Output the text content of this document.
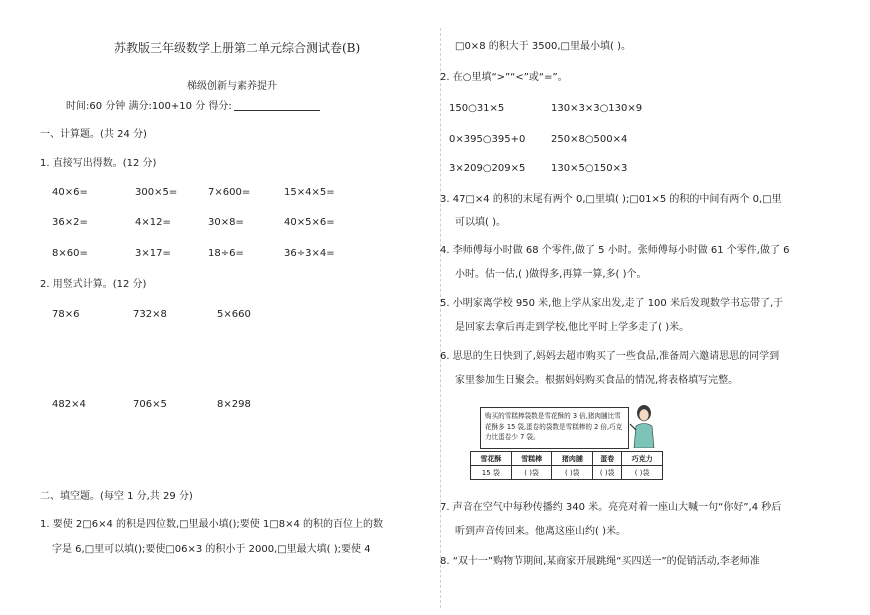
苏教版三年级数学上册第二单元综合测试卷(B)
梯级创新与素养提升
时间:60 分钟 满分:100+10 分 得分:
一、计算题。(共 24 分)
1. 直接写出得数。(12 分)
40×6=	300×5=	7×600=	15×4×5=
36×2=	4×12=	30×8=	40×5×6=
8×60=	3×17=	18÷6=	36÷3×4=
2. 用竖式计算。(12 分)
78×6	732×8	5×660
482×4	706×5	8×298
二、填空题。(每空 1 分,共 29 分)
1. 要使 2□6×4 的积是四位数,□里最小填();要使 1□8×4 的积的百位上的数
字是 6,□里可以填();要使□06×3 的积小于 2000,□里最大填( );要使 4
□0×8 的积大于 3500,□里最小填( )。
2. 在○里填“>”“<”或“=”。
150○31×5	130×3×3○130×9
0×395○395+0	250×8○500×4
3×209○209×5	130×5○150×3
3. 47□×4 的积的末尾有两个 0,□里填( );□01×5 的积的中间有两个 0,□里
可以填( )。
4. 李师傅每小时做 68 个零件,做了 5 小时。张师傅每小时做 61 个零件,做了 6
小时。估一估,( )做得多,再算一算,多( )个。
5. 小明家离学校 950 米,他上学从家出发,走了 100 米后发现数学书忘带了,于
是回家去拿后再走到学校,他比平时上学多走了( )米。
6. 思思的生日快到了,妈妈去超市购买了一些食品,准备周六邀请思思的同学到
家里参加生日聚会。根据妈妈购买食品的情况,将表格填写完整。
购买的雪糕棒袋数是雪花酥的 3 倍,猪肉脯比雪花酥多 15 袋,蛋卷的袋数是雪糕棒的 2 倍,巧克力比蛋卷少 7 袋。
雪花酥	雪糕棒	猪肉脯	蛋卷	巧克力
15 袋	( )袋	( )袋	( )袋	( )袋
7. 声音在空气中每秒传播约 340 米。亮亮对着一座山大喊一句“你好”,4 秒后
听到声音传回来。他离这座山约( )米。
8. “双十一”购物节期间,某商家开展跳绳“买四送一”的促销活动,李老师准
